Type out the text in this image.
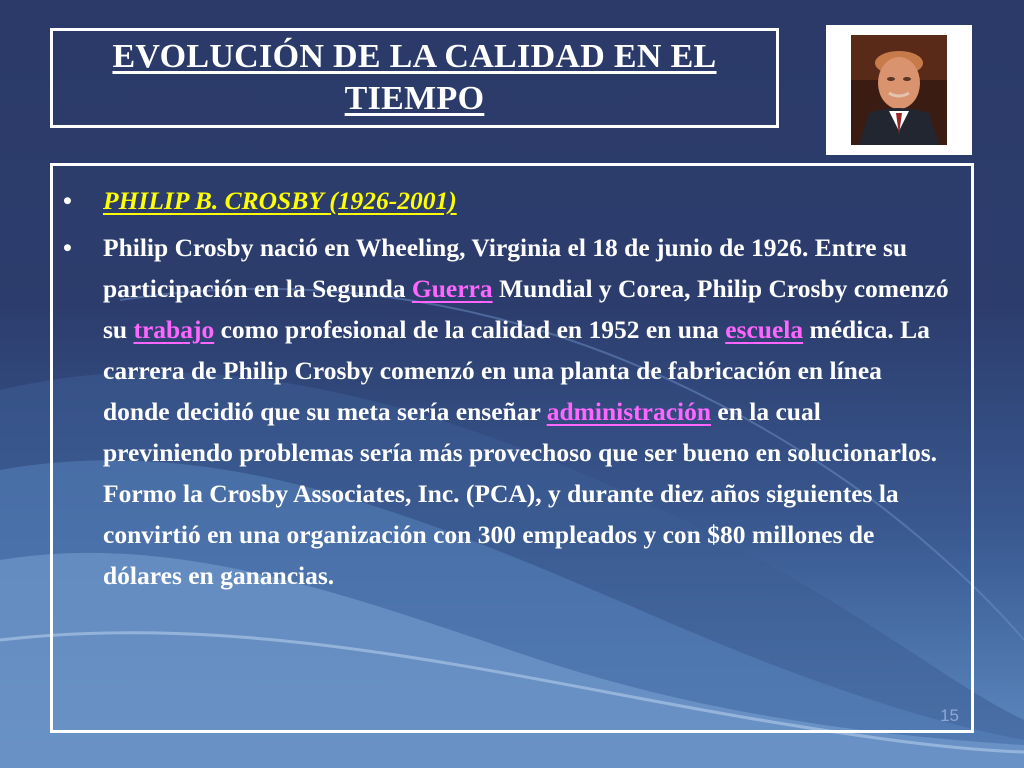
EVOLUCIÓN DE LA CALIDAD EN EL TIEMPO
• PHILIP B. CROSBY (1926-2001)
• Philip Crosby nació en Wheeling, Virginia el 18 de junio de 1926. Entre su participación en la Segunda Guerra Mundial y Corea, Philip Crosby comenzó su trabajo como profesional de la calidad en 1952 en una escuela médica. La carrera de Philip Crosby comenzó en una planta de fabricación en línea donde decidió que su meta sería enseñar administración en la cual previniendo problemas sería más provechoso que ser bueno en solucionarlos. Formo la Crosby Associates, Inc. (PCA), y durante diez años siguientes la convirtió en una organización con 300 empleados y con $80 millones de dólares en ganancias.
15
